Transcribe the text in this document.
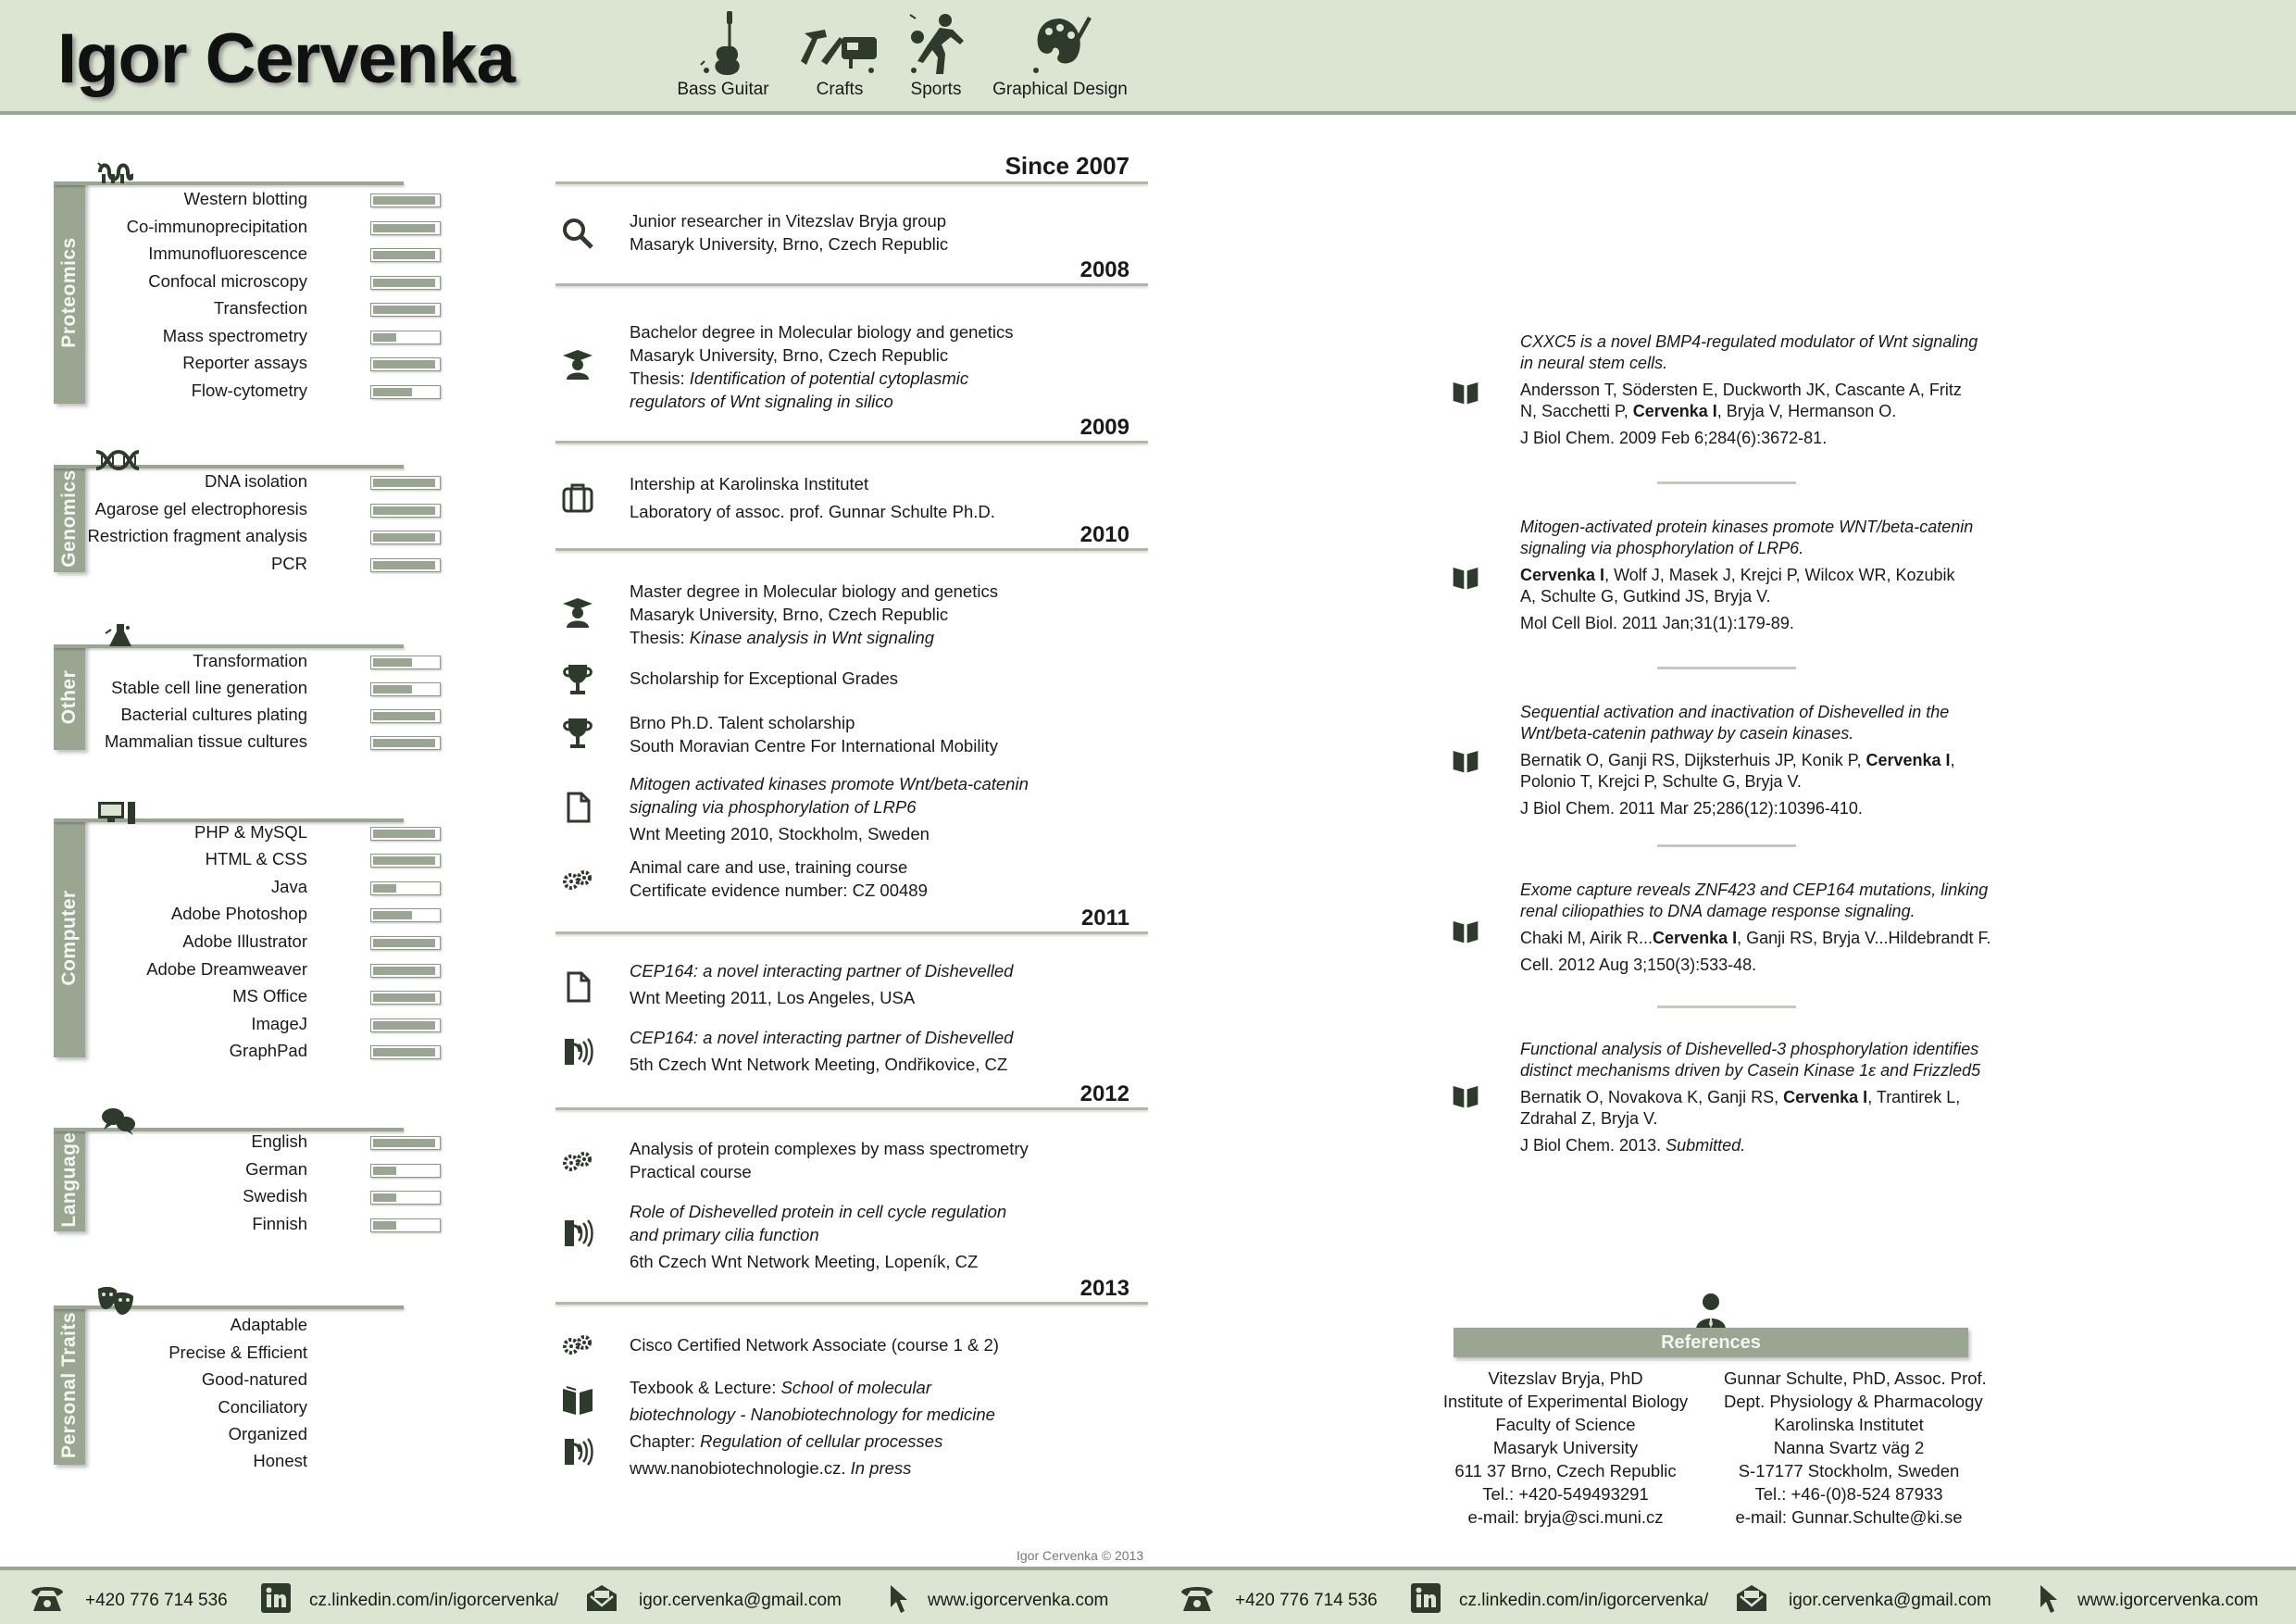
Igor Cervenka	Bass Guitar	Crafts	Sports	Graphical Design
Proteomics
Western blotting
Co-immunoprecipitation
Immunofluorescence
Confocal microscopy
Transfection
Mass spectrometry
Reporter assays
Flow-cytometry
Genomics	DNA isolation
Agarose gel electrophoresis
Restriction fragment analysis
PCR
Other
Transformation
Stable cell line generation
Bacterial cultures plating
Mammalian tissue cultures
Computer
PHP & MySQL
HTML & CSS
Java
Adobe Photoshop
Adobe Illustrator
Adobe Dreamweaver
MS Office
ImageJ
GraphPad
Language	English
German
Swedish
Finnish
Personal Traits	Adaptable
Precise & Efficient
Good-natured
Conciliatory
Organized
Honest
Since 2007
Junior researcher in Vitezslav Bryja group
Masaryk University, Brno, Czech Republic
2008
Bachelor degree in Molecular biology and genetics
Masaryk University, Brno, Czech Republic
Thesis: Identification of potential cytoplasmic
regulators of Wnt signaling in silico
2009
Intership at Karolinska Institutet
Laboratory of assoc. prof. Gunnar Schulte Ph.D.
2010
Master degree in Molecular biology and genetics
Masaryk University, Brno, Czech Republic
Thesis: Kinase analysis in Wnt signaling
Scholarship for Exceptional Grades
Brno Ph.D. Talent scholarship
South Moravian Centre For International Mobility
Mitogen activated kinases promote Wnt/beta-catenin
signaling via phosphorylation of LRP6
Wnt Meeting 2010, Stockholm, Sweden
Animal care and use, training course
Certificate evidence number: CZ 00489
2011
CEP164: a novel interacting partner of Dishevelled
Wnt Meeting 2011, Los Angeles, USA
CEP164: a novel interacting partner of Dishevelled
5th Czech Wnt Network Meeting, Ondřikovice, CZ
2012
Analysis of protein complexes by mass spectrometry
Practical course
Role of Dishevelled protein in cell cycle regulation
and primary cilia function
6th Czech Wnt Network Meeting, Lopeník, CZ
2013
Cisco Certified Network Associate (course 1 & 2)
Texbook & Lecture: School of molecular
biotechnology - Nanobiotechnology for medicine
Chapter: Regulation of cellular processes
www.nanobiotechnologie.cz. In press
CXXC5 is a novel BMP4-regulated modulator of Wnt signaling
in neural stem cells.
Andersson T, Södersten E, Duckworth JK, Cascante A, Fritz
N, Sacchetti P, Cervenka I, Bryja V, Hermanson O.
J Biol Chem. 2009 Feb 6;284(6):3672-81.
Mitogen-activated protein kinases promote WNT/beta-catenin
signaling via phosphorylation of LRP6.
Cervenka I, Wolf J, Masek J, Krejci P, Wilcox WR, Kozubik
A, Schulte G, Gutkind JS, Bryja V.
Mol Cell Biol. 2011 Jan;31(1):179-89.
Sequential activation and inactivation of Dishevelled in the
Wnt/beta-catenin pathway by casein kinases.
Bernatik O, Ganji RS, Dijksterhuis JP, Konik P, Cervenka I,
Polonio T, Krejci P, Schulte G, Bryja V.
J Biol Chem. 2011 Mar 25;286(12):10396-410.
Exome capture reveals ZNF423 and CEP164 mutations, linking
renal ciliopathies to DNA damage response signaling.
Chaki M, Airik R...Cervenka I, Ganji RS, Bryja V...Hildebrandt F.
Cell. 2012 Aug 3;150(3):533-48.
Functional analysis of Dishevelled-3 phosphorylation identifies
distinct mechanisms driven by Casein Kinase 1ε and Frizzled5
Bernatik O, Novakova K, Ganji RS, Cervenka I, Trantirek L,
Zdrahal Z, Bryja V.
J Biol Chem. 2013. Submitted.
References
Vitezslav Bryja, PhD
Institute of Experimental Biology
Faculty of Science
Masaryk University
611 37 Brno, Czech Republic
Tel.: +420-549493291
e-mail: bryja@sci.muni.cz
Gunnar Schulte, PhD, Assoc. Prof.
Dept. Physiology & Pharmacology
Karolinska Institutet
Nanna Svartz väg 2
S-17177 Stockholm, Sweden
Tel.: +46-(0)8-524 87933
e-mail: Gunnar.Schulte@ki.se
Igor Cervenka © 2013
+420 776 714 536	cz.linkedin.com/in/igorcervenka/	igor.cervenka@gmail.com	www.igorcervenka.com	+420 776 714 536	cz.linkedin.com/in/igorcervenka/	igor.cervenka@gmail.com	www.igorcervenka.com
